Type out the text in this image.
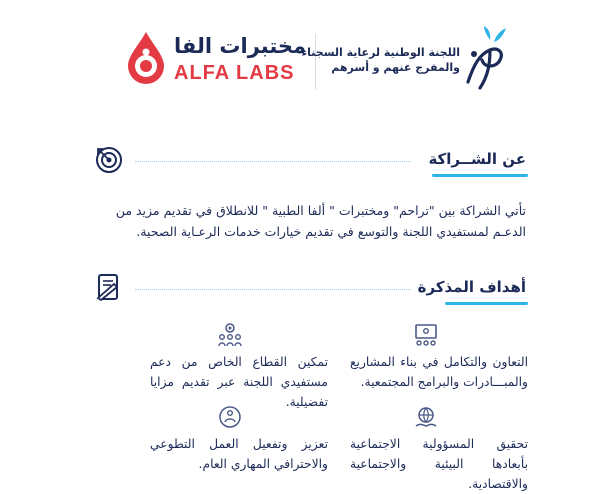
مختبرات الفا
ALFA LABS
اللجنة الوطنية لرعاية السجناء
والمفرج عنهم و أسرهم
عن الشــراكة
تأتي الشراكة بين "تراحم" ومختبرات " ألفا الطبية " للانطلاق في تقديم مزيد من الدعـم لمستفيدي اللجنة والتوسع في تقديم خيارات خدمات الرعـاية الصحية.
أهداف المذكرة
التعاون والتكامل في بناء المشاريع والمبـــادرات والبرامج المجتمعية.
تمكين القطاع الخاص من دعم مستفيدي اللجنة عبر تقديم مزايا تفضيلية.
تحقيق المسؤولية الاجتماعية بأبعادها البيئية والاجتماعية والاقتصادية.
تعزيز وتفعيل العمل التطوعي والاحترافي المهاري العام.
